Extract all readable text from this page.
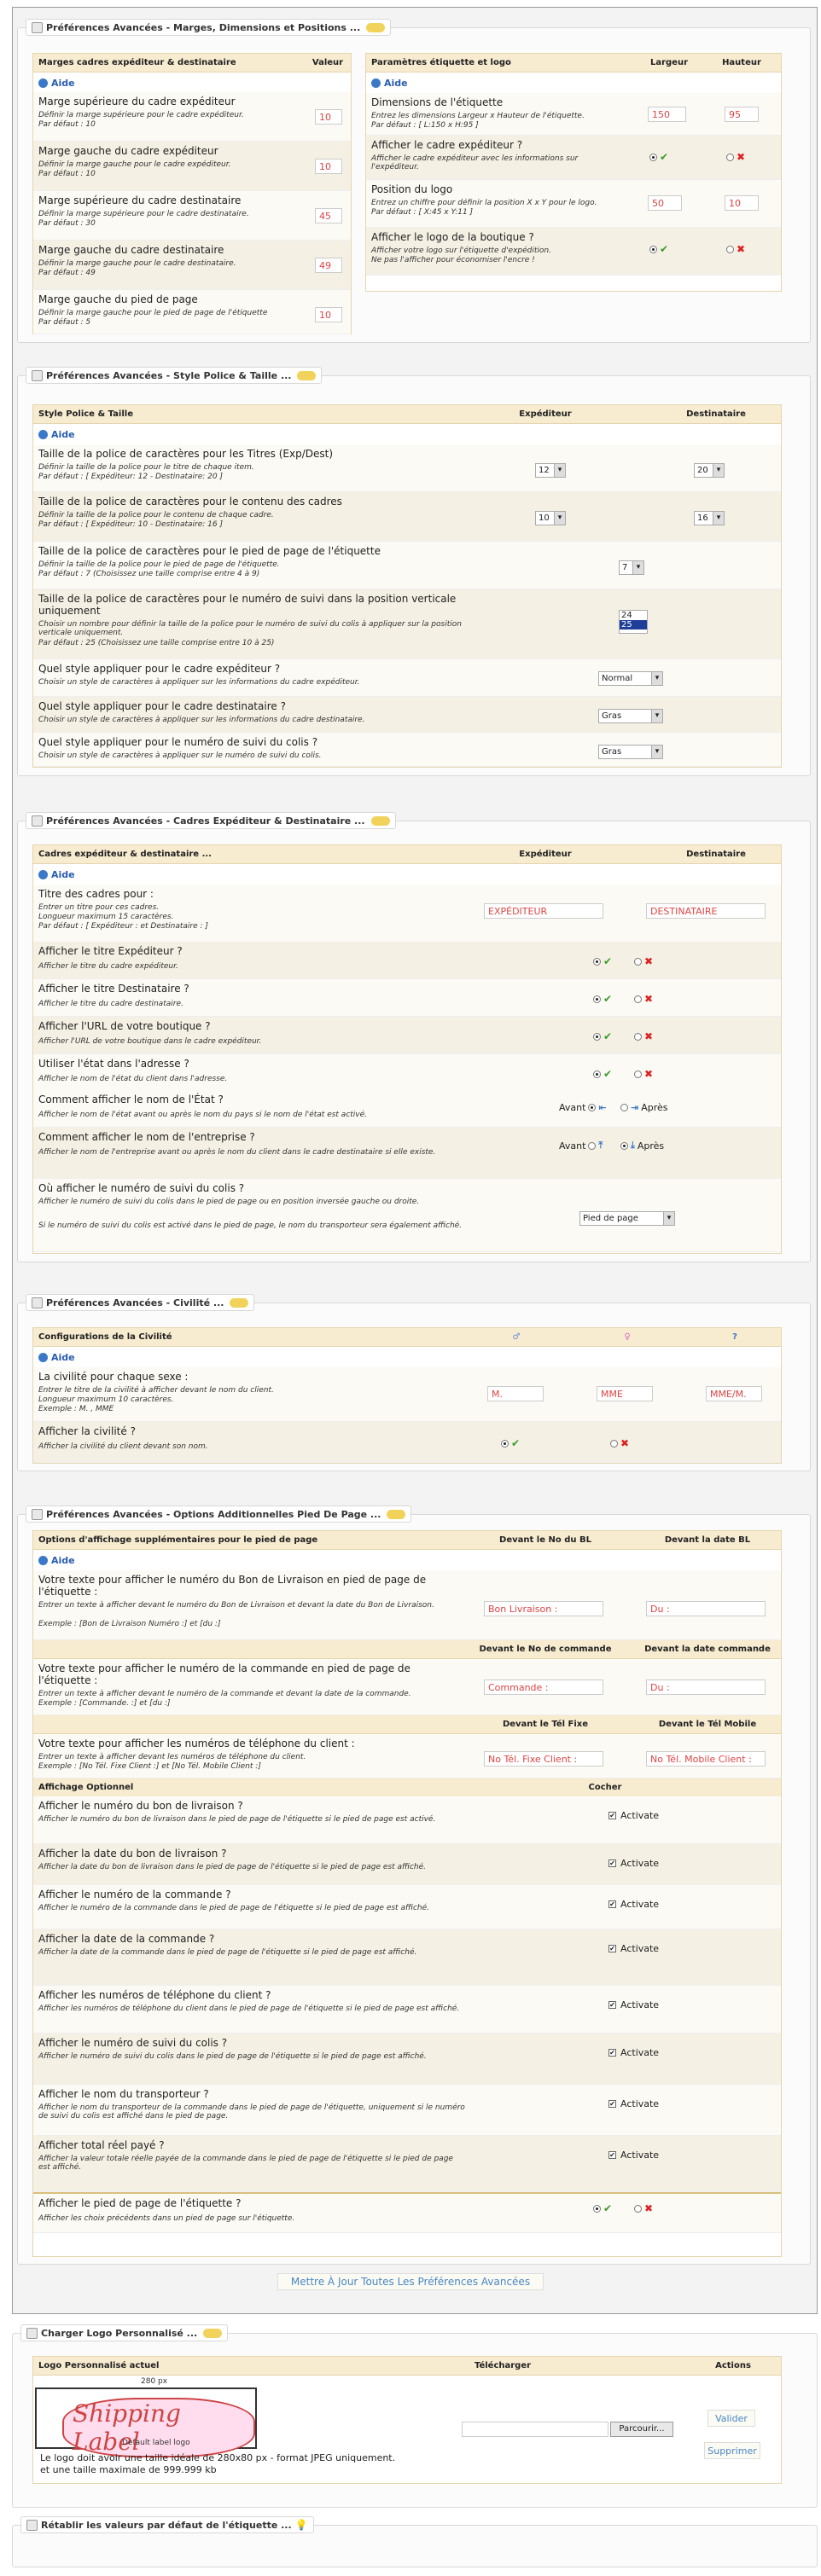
Préférences Avancées - Marges, Dimensions et Positions ...
Marges cadres expéditeur & destinataire	Valeur
Aide
Marge supérieure du cadre expéditeur
Définir la marge supérieure pour le cadre expéditeur.
Par défaut : 10
10
Marge gauche du cadre expéditeur
Définir la marge gauche pour le cadre expéditeur.
Par défaut : 10
10
Marge supérieure du cadre destinataire
Définir la marge supérieure pour le cadre destinataire.
Par défaut : 30
45
Marge gauche du cadre destinataire
Définir la marge gauche pour le cadre destinataire.
Par défaut : 49
49
Marge gauche du pied de page
Définir la marge gauche pour le pied de page de l'étiquette
Par défaut : 5
10
Paramètres étiquette et logo	Largeur	Hauteur
Aide
Dimensions de l'étiquette
Entrez les dimensions Largeur x Hauteur de l'étiquette.
Par défaut : [ L:150 x H:95 ]
150	95
Afficher le cadre expéditeur ?
Afficher le cadre expéditeur avec les informations sur l'expéditeur.
✔	✖
Position du logo
Entrez un chiffre pour définir la position X x Y pour le logo.
Par défaut : [ X:45 x Y:11 ]
50	10
Afficher le logo de la boutique ?
Afficher votre logo sur l'étiquette d'expédition.
Ne pas l'afficher pour économiser l'encre !
✔	✖
Préférences Avancées - Style Police & Taille ...
Style Police & Taille	Expéditeur	Destinataire
Aide
Taille de la police de caractères pour les Titres (Exp/Dest)
Définir la taille de la police pour le titre de chaque item.
Par défaut : [ Expéditeur: 12 - Destinataire: 20 ]
12 ▾	20 ▾
Taille de la police de caractères pour le contenu des cadres
Définir la taille de la police pour le contenu de chaque cadre.
Par défaut : [ Expéditeur: 10 - Destinataire: 16 ]
10 ▾	16 ▾
Taille de la police de caractères pour le pied de page de l'étiquette
Définir la taille de la police pour le pied de page de l'étiquette.
Par défaut : 7 (Choisissez une taille comprise entre 4 à 9)
7 ▾
Taille de la police de caractères pour le numéro de suivi dans la position verticale uniquement
Choisir un nombre pour définir la taille de la police pour le numéro de suivi du colis à appliquer sur la position verticale uniquement.
Par défaut : 25 (Choisissez une taille comprise entre 10 à 25)
24
25
Quel style appliquer pour le cadre expéditeur ?
Choisir un style de caractères à appliquer sur les informations du cadre expéditeur.	Normal ▾
Quel style appliquer pour le cadre destinataire ?
Choisir un style de caractères à appliquer sur les informations du cadre destinataire.	Gras ▾
Quel style appliquer pour le numéro de suivi du colis ?
Choisir un style de caractères à appliquer sur le numéro de suivi du colis.	Gras ▾
Préférences Avancées - Cadres Expéditeur & Destinataire ...
Cadres expéditeur & destinataire ...	Expéditeur	Destinataire
Aide
Titre des cadres pour :
Entrer un titre pour ces cadres.
Longueur maximum 15 caractères.
Par défaut : [ Expéditeur : et Destinataire : ]
EXPÉDITEUR	DESTINATAIRE
Afficher le titre Expéditeur ?
Afficher le titre du cadre expéditeur.	✔	✖
Afficher le titre Destinataire ?
Afficher le titre du cadre destinataire.	✔	✖
Afficher l'URL de votre boutique ?
Afficher l'URL de votre boutique dans le cadre expéditeur.	✔	✖
Utiliser l'état dans l'adresse ?
Afficher le nom de l'état du client dans l'adresse.	✔	✖
Comment afficher le nom de l'État ?
Afficher le nom de l'état avant ou après le nom du pays si le nom de l'état est activé.
Avant ⇤	⇥ Après
Comment afficher le nom de l'entreprise ?
Afficher le nom de l'entreprise avant ou après le nom du client dans le cadre destinataire si elle existe.
Avant ⤒	⤓ Après
Où afficher le numéro de suivi du colis ?
Afficher le numéro de suivi du colis dans le pied de page ou en position inversée gauche ou droite.
Si le numéro de suivi du colis est activé dans le pied de page, le nom du transporteur sera également affiché.
Pied de page ▾
Préférences Avancées - Civilité ...
Configurations de la Civilité	♂	♀	?
Aide
La civilité pour chaque sexe :
Entrer le titre de la civilité à afficher devant le nom du client.
Longueur maximum 10 caractères.
Exemple : M. , MME
M.	MME	MME/M.
Afficher la civilité ?
Afficher la civilité du client devant son nom.	✔	✖
Préférences Avancées - Options Additionnelles Pied De Page ...
Options d'affichage supplémentaires pour le pied de page	Devant le No du BL	Devant la date BL
Aide
Votre texte pour afficher le numéro du Bon de Livraison en pied de page de l'étiquette :
Entrer un texte à afficher devant le numéro du Bon de Livraison et devant la date du Bon de Livraison.
Exemple : [Bon de Livraison Numéro :] et [du :]
Bon Livraison :	Du :
Devant le No de commande	Devant la date commande
Votre texte pour afficher le numéro de la commande en pied de page de l'étiquette :
Entrer un texte à afficher devant le numéro de la commande et devant la date de la commande.
Exemple : [Commande. :] et [du :]
Commande :	Du :
Devant le Tél Fixe	Devant le Tél Mobile
Votre texte pour afficher les numéros de téléphone du client :
Entrer un texte à afficher devant les numéros de téléphone du client.
Exemple : [No Tél. Fixe Client :] et [No Tél. Mobile Client :]
No Tél. Fixe Client :	No Tél. Mobile Client :
Affichage Optionnel	Cocher
Afficher le numéro du bon de livraison ?
Afficher le numéro du bon de livraison dans le pied de page de l'étiquette si le pied de page est activé.	✔ Activate
Afficher la date du bon de livraison ?
Afficher la date du bon de livraison dans le pied de page de l'étiquette si le pied de page est affiché.	✔ Activate
Afficher le numéro de la commande ?
Afficher le numéro de la commande dans le pied de page de l'étiquette si le pied de page est affiché.	✔ Activate
Afficher la date de la commande ?
Afficher la date de la commande dans le pied de page de l'étiquette si le pied de page est affiché.	✔ Activate
Afficher les numéros de téléphone du client ?
Afficher les numéros de téléphone du client dans le pied de page de l'étiquette si le pied de page est affiché.	✔ Activate
Afficher le numéro de suivi du colis ?
Afficher le numéro de suivi du colis dans le pied de page de l'étiquette si le pied de page est affiché.	✔ Activate
Afficher le nom du transporteur ?
Afficher le nom du transporteur de la commande dans le pied de page de l'étiquette, uniquement si le numéro de suivi du colis est affiché dans le pied de page.
✔ Activate
Afficher total réel payé ?
Afficher la valeur totale réelle payée de la commande dans le pied de page de l'étiquette si le pied de page est affiché.
✔ Activate
Afficher le pied de page de l'étiquette ?
Afficher les choix précédents dans un pied de page sur l'étiquette.
✔	✖
Mettre À Jour Toutes Les Préférences Avancées
Charger Logo Personnalisé ...
Logo Personnalisé actuel	Télécharger	Actions
280 px
Shipping Label
Default label logo
Parcourir...
Valider
Supprimer
Le logo doit avoir une taille idéale de 280x80 px - format JPEG uniquement.
et une taille maximale de 999.999 kb
Rétablir les valeurs par défaut de l'étiquette ... 💡
